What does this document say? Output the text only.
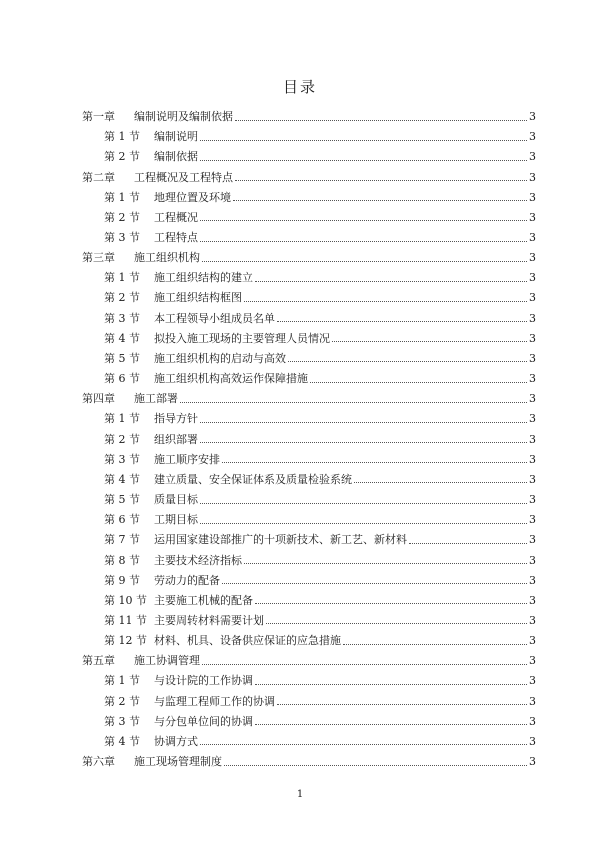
目录
第一章	编制说明及编制依据	3
第 1 节	编制说明	3
第 2 节	编制依据	3
第二章	工程概况及工程特点	3
第 1 节	地理位置及环境	3
第 2 节	工程概况	3
第 3 节	工程特点	3
第三章	施工组织机构	3
第 1 节	施工组织结构的建立	3
第 2 节	施工组织结构框图	3
第 3 节	本工程领导小组成员名单	3
第 4 节	拟投入施工现场的主要管理人员情况	3
第 5 节	施工组织机构的启动与高效	3
第 6 节	施工组织机构高效运作保障措施	3
第四章	施工部署	3
第 1 节	指导方针	3
第 2 节	组织部署	3
第 3 节	施工顺序安排	3
第 4 节	建立质量、安全保证体系及质量检验系统	3
第 5 节	质量目标	3
第 6 节	工期目标	3
第 7 节	运用国家建设部推广的十项新技术、新工艺、新材料	3
第 8 节	主要技术经济指标	3
第 9 节	劳动力的配备	3
第 10 节 主要施工机械的配备	3
第 11 节 主要周转材料需要计划	3
第 12 节 材料、机具、设备供应保证的应急措施	3
第五章	施工协调管理	3
第 1 节	与设计院的工作协调	3
第 2 节	与监理工程师工作的协调	3
第 3 节	与分包单位间的协调	3
第 4 节	协调方式	3
第六章	施工现场管理制度	3
1
